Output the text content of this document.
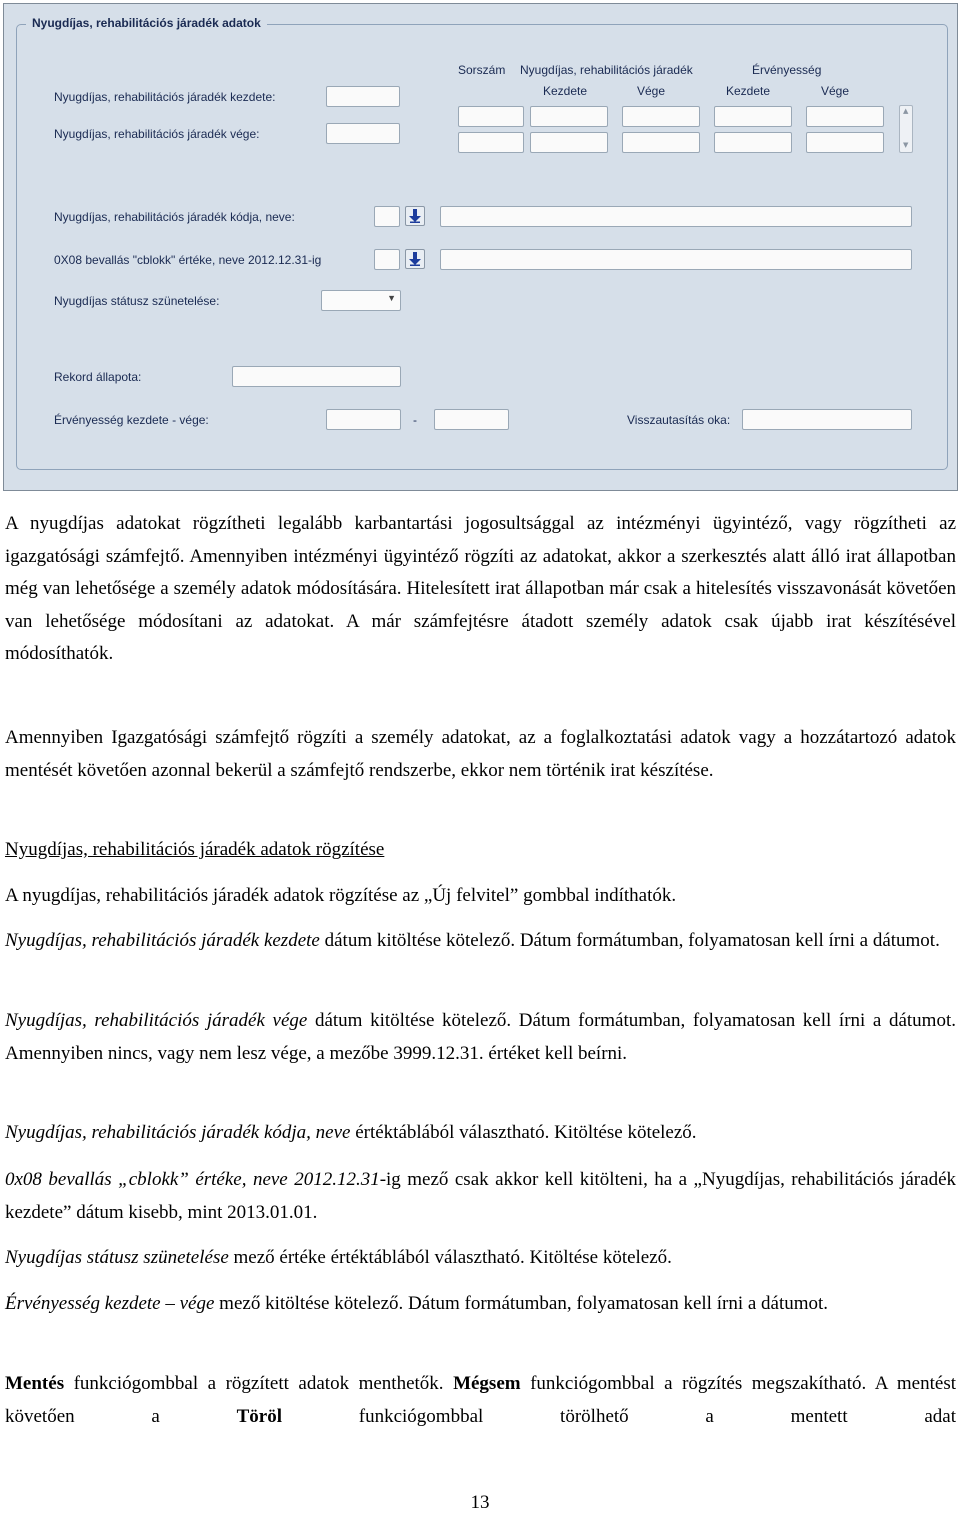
Nyugdíjas, rehabilitációs járadék adatok
Nyugdíjas, rehabilitációs járadék kezdete:
Nyugdíjas, rehabilitációs járadék vége:
Nyugdíjas, rehabilitációs járadék kódja, neve:
0X08 bevallás "cblokk" értéke, neve 2012.12.31-ig
Nyugdíjas státusz szünetelése:	▼
Rekord állapota:
Érvényesség kezdete - vége:	-	Visszautasítás oka:
Sorszám Nyugdíjas, rehabilitációs járadék	Érvényesség
Kezdete	Vége	Kezdete	Vége
▲
▼
A nyugdíjas adatokat rögzítheti legalább karbantartási jogosultsággal az intézményi ügyintéző, vagy rögzítheti az igazgatósági számfejtő. Amennyiben intézményi ügyintéző rögzíti az adatokat, akkor a szerkesztés alatt álló irat állapotban még van lehetősége a személy adatok módosítására. Hitelesített irat állapotban már csak a hitelesítés visszavonását követően van lehetősége módosítani az adatokat. A már számfejtésre átadott személy adatok csak újabb irat készítésével módosíthatók.
Amennyiben Igazgatósági számfejtő rögzíti a személy adatokat, az a foglalkoztatási adatok vagy a hozzátartozó adatok mentését követően azonnal bekerül a számfejtő rendszerbe, ekkor nem történik irat készítése.
Nyugdíjas, rehabilitációs járadék adatok rögzítése
A nyugdíjas, rehabilitációs járadék adatok rögzítése az „Új felvitel” gombbal indíthatók.
Nyugdíjas, rehabilitációs járadék kezdete dátum kitöltése kötelező. Dátum formátumban, folyamatosan kell írni a dátumot.
Nyugdíjas, rehabilitációs járadék vége dátum kitöltése kötelező. Dátum formátumban, folyamatosan kell írni a dátumot. Amennyiben nincs, vagy nem lesz vége, a mezőbe 3999.12.31. értéket kell beírni.
Nyugdíjas, rehabilitációs járadék kódja, neve értéktáblából választható. Kitöltése kötelező.
0x08 bevallás „cblokk” értéke, neve 2012.12.31-ig mező csak akkor kell kitölteni, ha a „Nyugdíjas, rehabilitációs járadék kezdete” dátum kisebb, mint 2013.01.01.
Nyugdíjas státusz szünetelése mező értéke értéktáblából választható. Kitöltése kötelező.
Érvényesség kezdete – vége mező kitöltése kötelező. Dátum formátumban, folyamatosan kell írni a dátumot.
Mentés funkciógombbal a rögzített adatok menthetők. Mégsem funkciógombbal a rögzítés megszakítható. A mentést követően a Töröl funkciógombbal törölhető a mentett adat
13
